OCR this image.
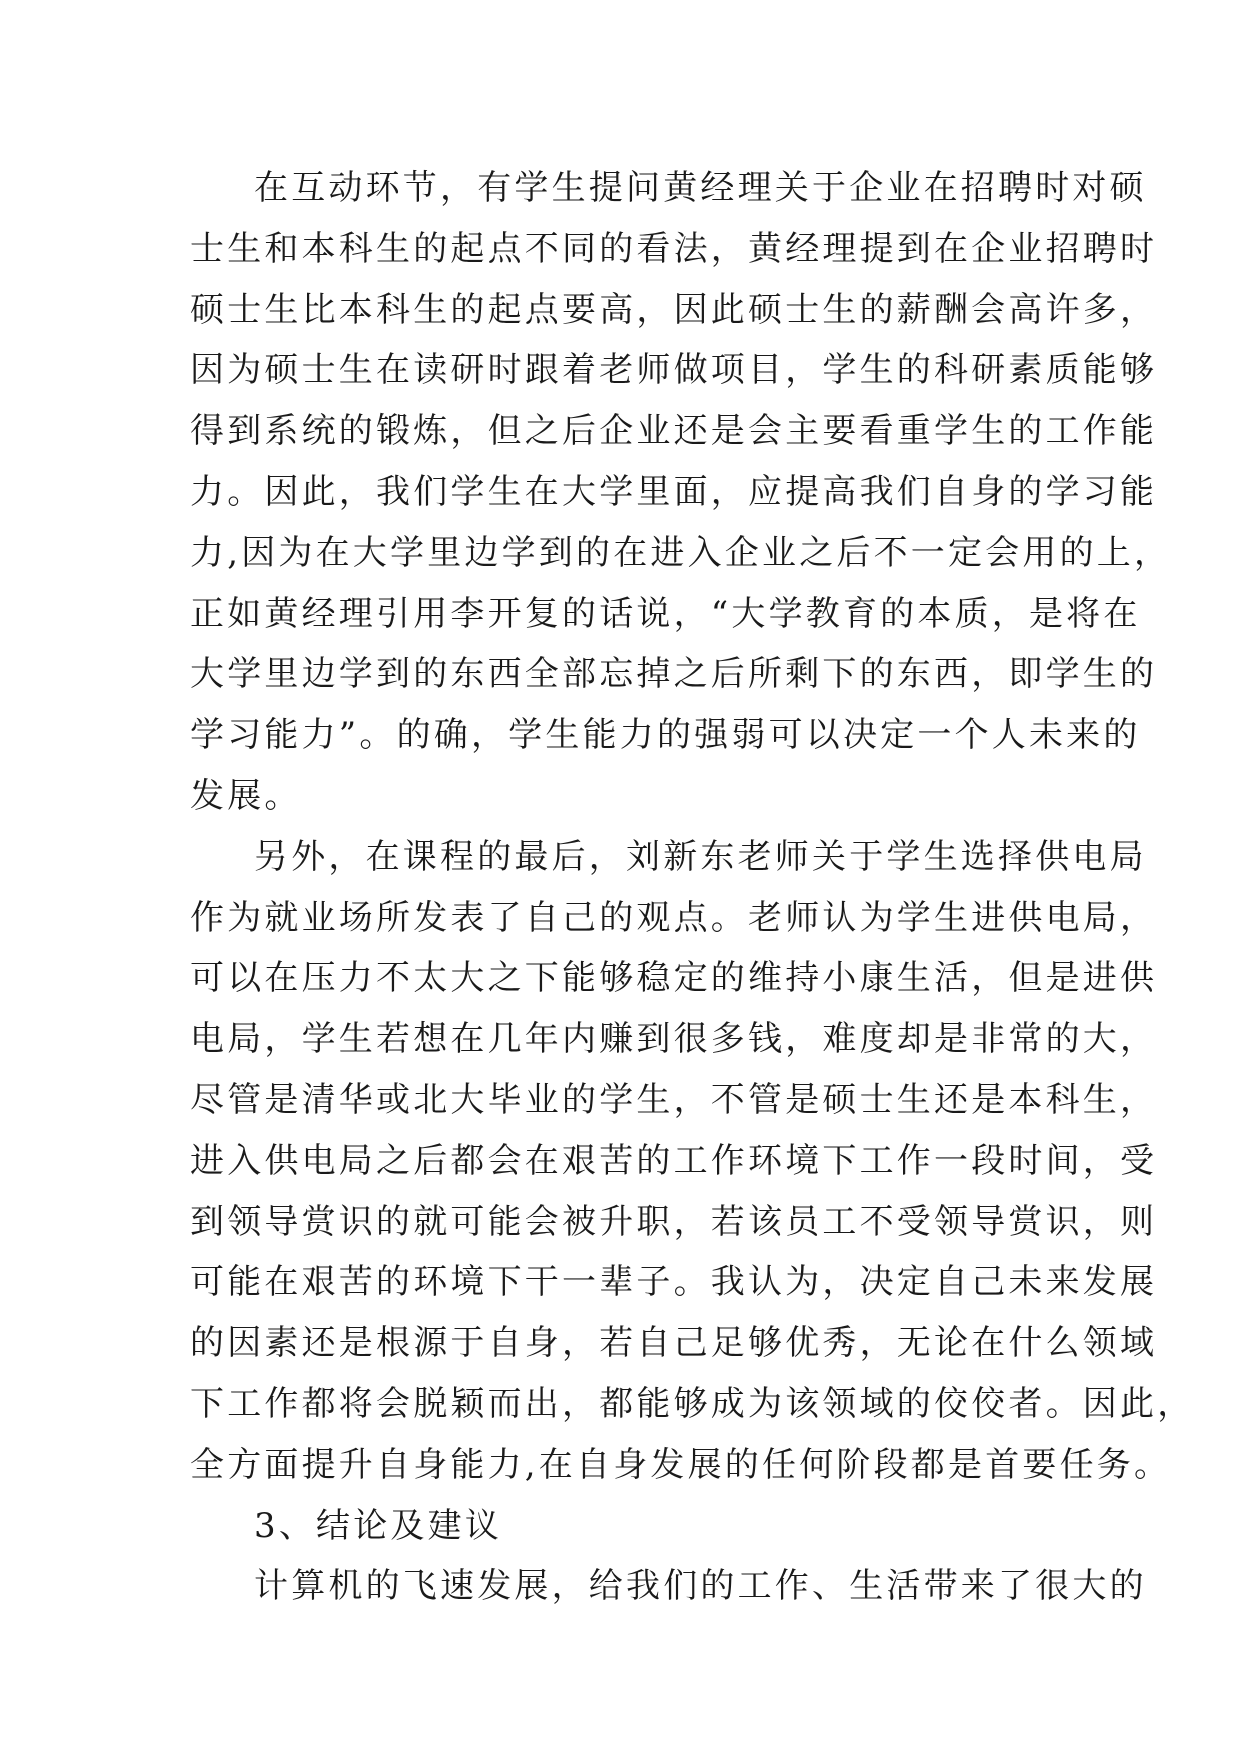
在互动环节，有学生提问黄经理关于企业在招聘时对硕
士生和本科生的起点不同的看法，黄经理提到在企业招聘时
硕士生比本科生的起点要高，因此硕士生的薪酬会高许多，
因为硕士生在读研时跟着老师做项目，学生的科研素质能够
得到系统的锻炼，但之后企业还是会主要看重学生的工作能
力。因此，我们学生在大学里面，应提高我们自身的学习能
力,因为在大学里边学到的在进入企业之后不一定会用的上，
正如黄经理引用李开复的话说，“大学教育的本质，是将在
大学里边学到的东西全部忘掉之后所剩下的东西，即学生的
学习能力”。的确，学生能力的强弱可以决定一个人未来的
发展。
另外，在课程的最后，刘新东老师关于学生选择供电局
作为就业场所发表了自己的观点。老师认为学生进供电局，
可以在压力不太大之下能够稳定的维持小康生活，但是进供
电局，学生若想在几年内赚到很多钱，难度却是非常的大，
尽管是清华或北大毕业的学生，不管是硕士生还是本科生，
进入供电局之后都会在艰苦的工作环境下工作一段时间，受
到领导赏识的就可能会被升职，若该员工不受领导赏识，则
可能在艰苦的环境下干一辈子。我认为，决定自己未来发展
的因素还是根源于自身，若自己足够优秀，无论在什么领域
下工作都将会脱颖而出，都能够成为该领域的佼佼者。因此，
全方面提升自身能力,在自身发展的任何阶段都是首要任务。
3、结论及建议
计算机的飞速发展，给我们的工作、生活带来了很大的
